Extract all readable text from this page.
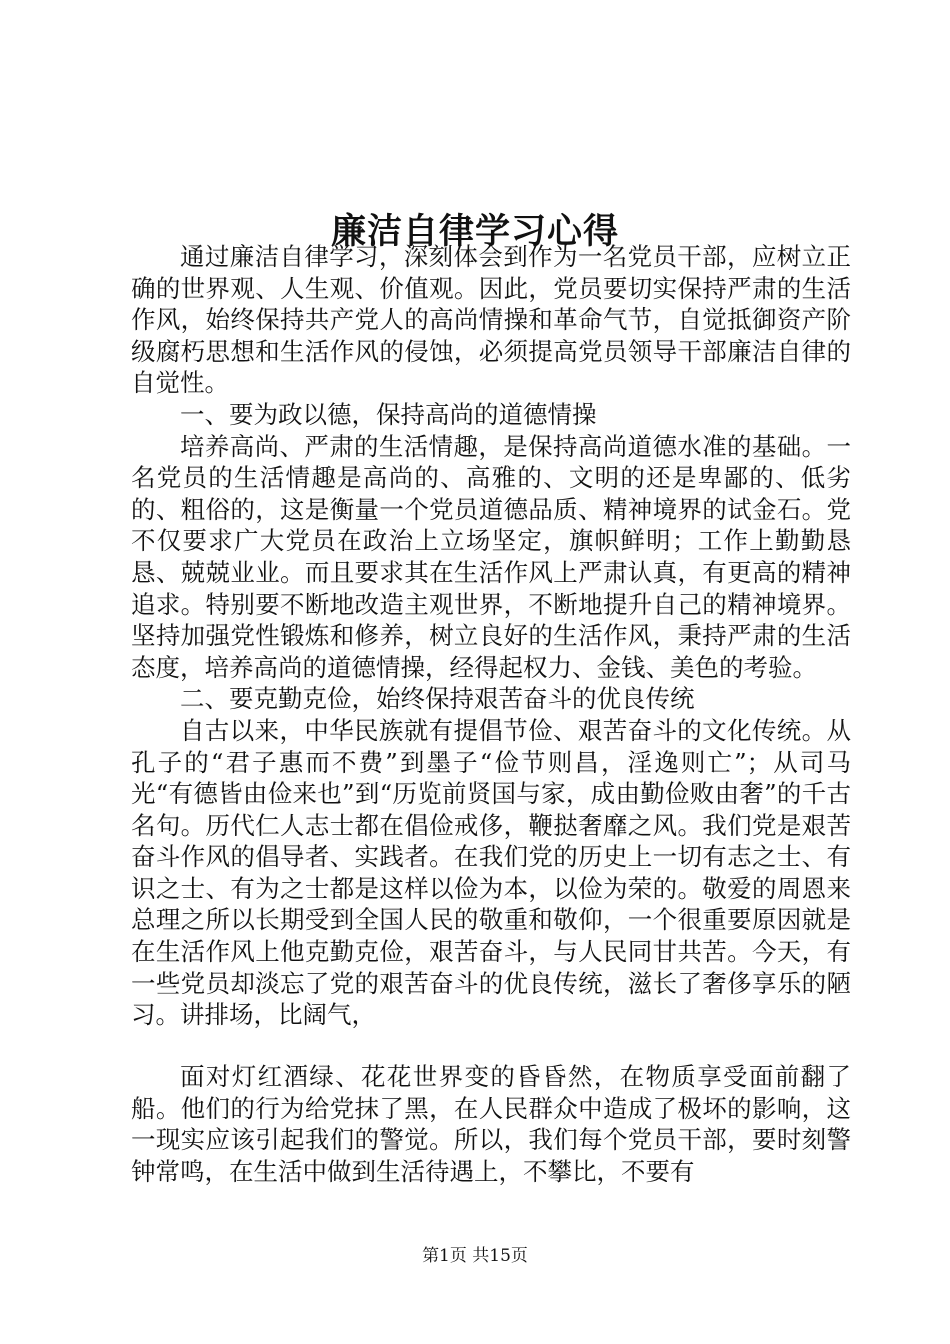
廉洁自律学习心得

通过廉洁自律学习，深刻体会到作为一名党员干部，应树立正确的世界观、人生观、价值观。因此，党员要切实保持严肃的生活作风，始终保持共产党人的高尚情操和革命气节，自觉抵御资产阶级腐朽思想和生活作风的侵蚀，必须提高党员领导干部廉洁自律的自觉性。

一、要为政以德，保持高尚的道德情操

培养高尚、严肃的生活情趣，是保持高尚道德水准的基础。一名党员的生活情趣是高尚的、高雅的、文明的还是卑鄙的、低劣的、粗俗的，这是衡量一个党员道德品质、精神境界的试金石。党不仅要求广大党员在政治上立场坚定，旗帜鲜明；工作上勤勤恳恳、兢兢业业。而且要求其在生活作风上严肃认真，有更高的精神追求。特别要不断地改造主观世界，不断地提升自己的精神境界。坚持加强党性锻炼和修养，树立良好的生活作风，秉持严肃的生活态度，培养高尚的道德情操，经得起权力、金钱、美色的考验。

二、要克勤克俭，始终保持艰苦奋斗的优良传统

自古以来，中华民族就有提倡节俭、艰苦奋斗的文化传统。从孔子的“君子惠而不费”到墨子“俭节则昌，淫逸则亡”；从司马光“有德皆由俭来也”到“历览前贤国与家，成由勤俭败由奢”的千古名句。历代仁人志士都在倡俭戒侈，鞭挞奢靡之风。我们党是艰苦奋斗作风的倡导者、实践者。在我们党的历史上一切有志之士、有识之士、有为之士都是这样以俭为本，以俭为荣的。敬爱的周恩来总理之所以长期受到全国人民的敬重和敬仰，一个很重要原因就是在生活作风上他克勤克俭，艰苦奋斗，与人民同甘共苦。今天，有一些党员却淡忘了党的艰苦奋斗的优良传统，滋长了奢侈享乐的陋习。讲排场，比阔气，

面对灯红酒绿、花花世界变的昏昏然，在物质享受面前翻了船。他们的行为给党抹了黑，在人民群众中造成了极坏的影响，这一现实应该引起我们的警觉。所以，我们每个党员干部，要时刻警钟常鸣，在生活中做到生活待遇上，不攀比，不要有

第1页 共15页
